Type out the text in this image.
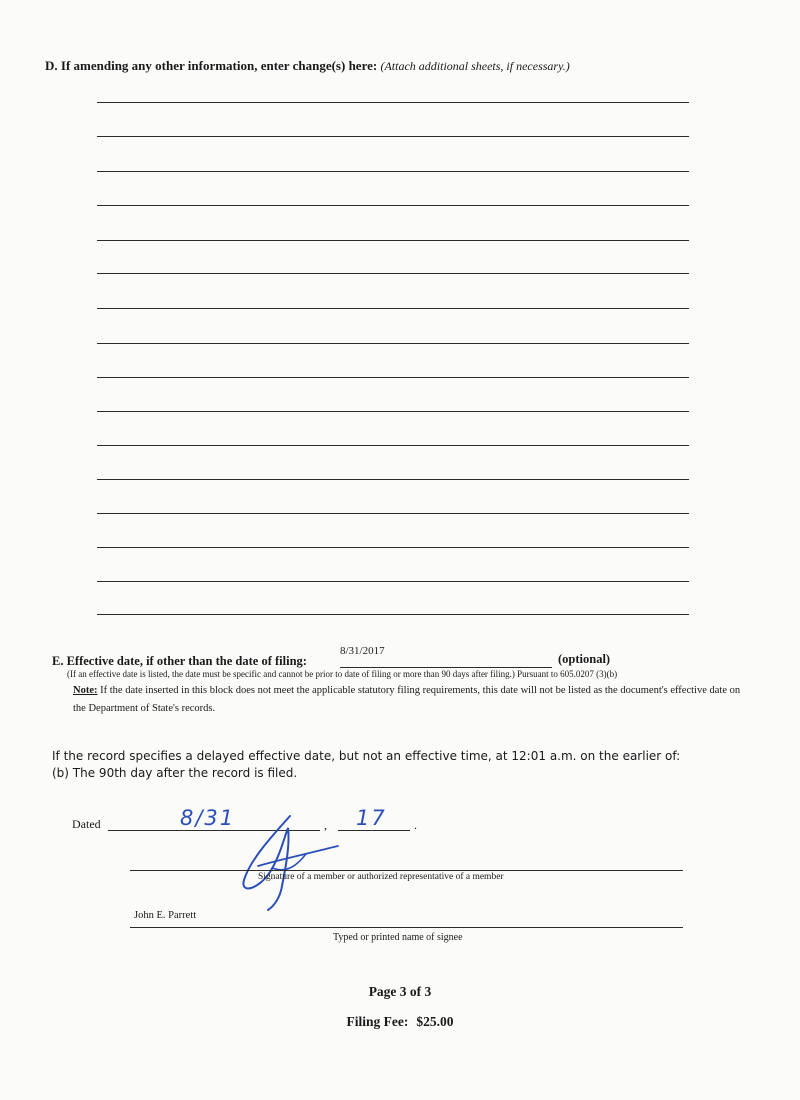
D. If amending any other information, enter change(s) here: (Attach additional sheets, if necessary.)
E. Effective date, if other than the date of filing:
8/31/2017
(optional)
(If an effective date is listed, the date must be specific and cannot be prior to date of filing or more than 90 days after filing.) Pursuant to 605.0207 (3)(b)
Note: If the date inserted in this block does not meet the applicable statutory filing requirements, this date will not be listed as the document's effective date on the Department of State's records.
If the record specifies a delayed effective date, but not an effective time, at 12:01 a.m. on the earlier of:
(b) The 90th day after the record is filed.
Dated	8/31	, 17 .
Signature of a member or authorized representative of a member
John E. Parrett
Typed or printed name of signee
Page 3 of 3
Filing Fee: $25.00
